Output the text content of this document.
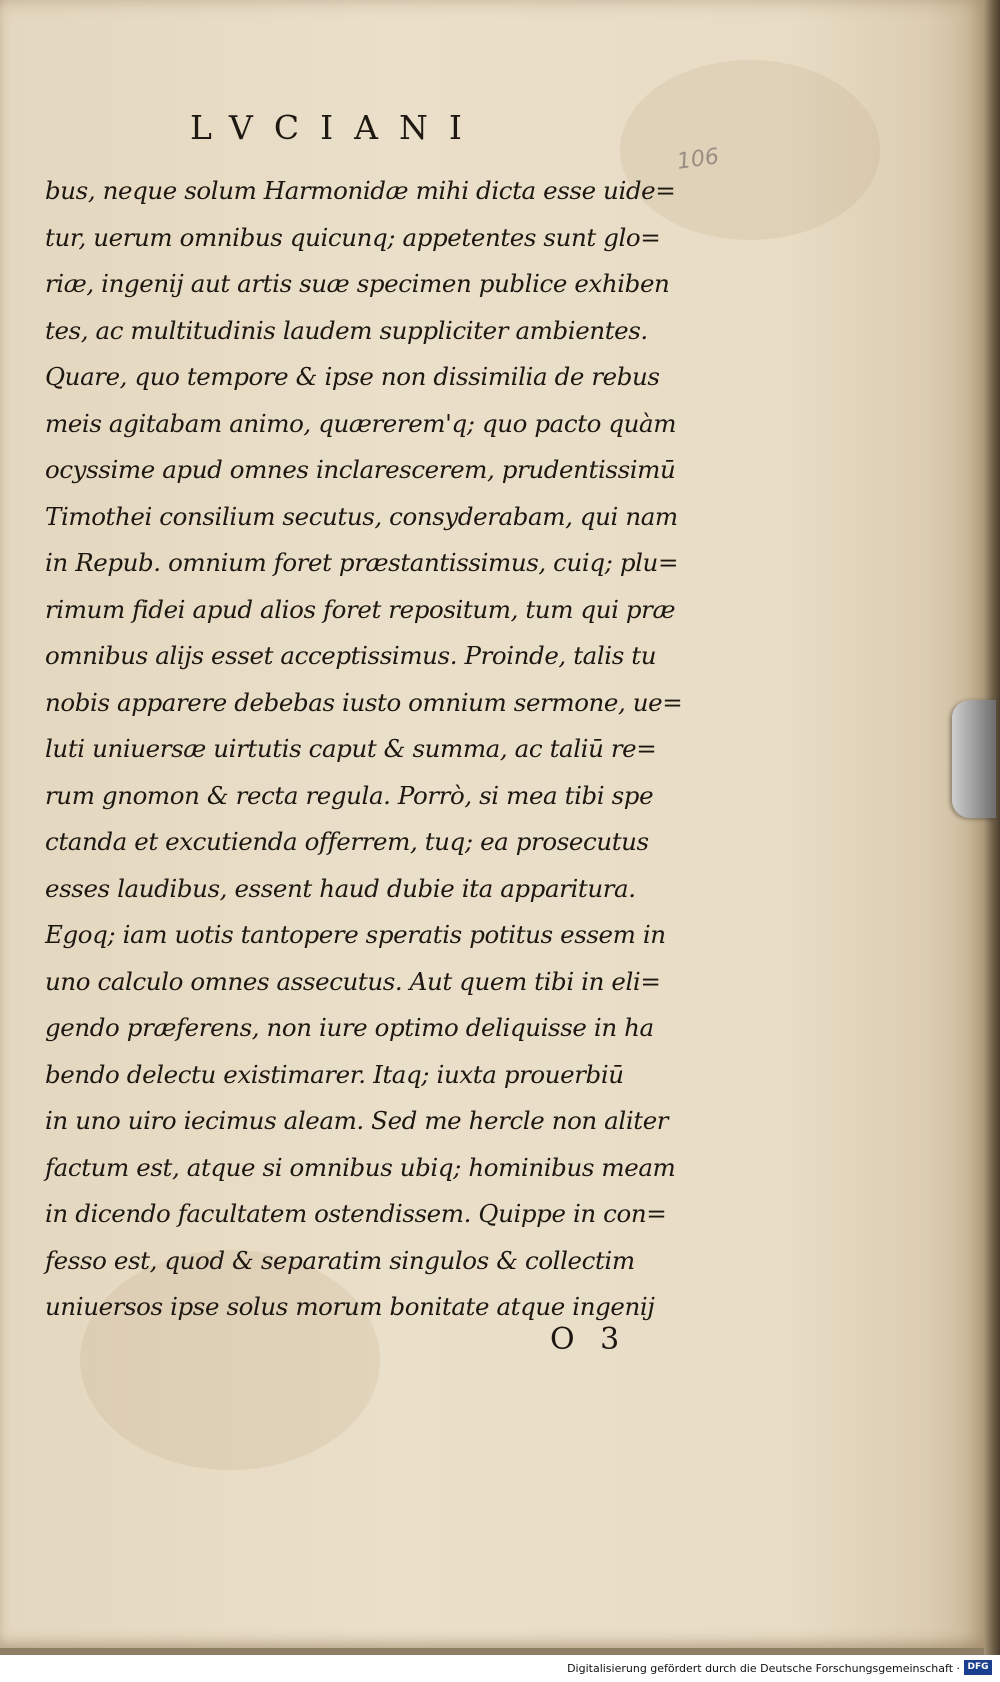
LVCIANI
106
bus, neque solum Harmonidæ mihi dicta esse uide=
tur, uerum omnibus quicunq; appetentes sunt glo=
riæ, ingenij aut artis suæ specimen publice exhiben
tes, ac multitudinis laudem suppliciter ambientes.
Quare, quo tempore & ipse non dissimilia de rebus
meis agitabam animo, quærerem'q; quo pacto quàm
ocyssime apud omnes inclarescerem, prudentissimū
Timothei consilium secutus, consyderabam, qui nam
in Repub. omnium foret præstantissimus, cuiq; plu=
rimum fidei apud alios foret repositum, tum qui præ
omnibus alijs esset acceptissimus. Proinde, talis tu
nobis apparere debebas iusto omnium sermone, ue=
luti uniuersæ uirtutis caput & summa, ac taliū re=
rum gnomon & recta regula. Porrò, si mea tibi spe
ctanda et excutienda offerrem, tuq; ea prosecutus
esses laudibus, essent haud dubie ita apparitura.
Egoq; iam uotis tantopere speratis potitus essem in
uno calculo omnes assecutus. Aut quem tibi in eli=
gendo præferens, non iure optimo deliquisse in ha
bendo delectu existimarer. Itaq; iuxta prouerbiū
in uno uiro iecimus aleam. Sed me hercle non aliter
factum est, atque si omnibus ubiq; hominibus meam
in dicendo facultatem ostendissem. Quippe in con=
fesso est, quod & separatim singulos & collectim
uniuersos ipse solus morum bonitate atque ingenij
O 3
Digitalisierung gefördert durch die Deutsche Forschungsgemeinschaft · DFG
